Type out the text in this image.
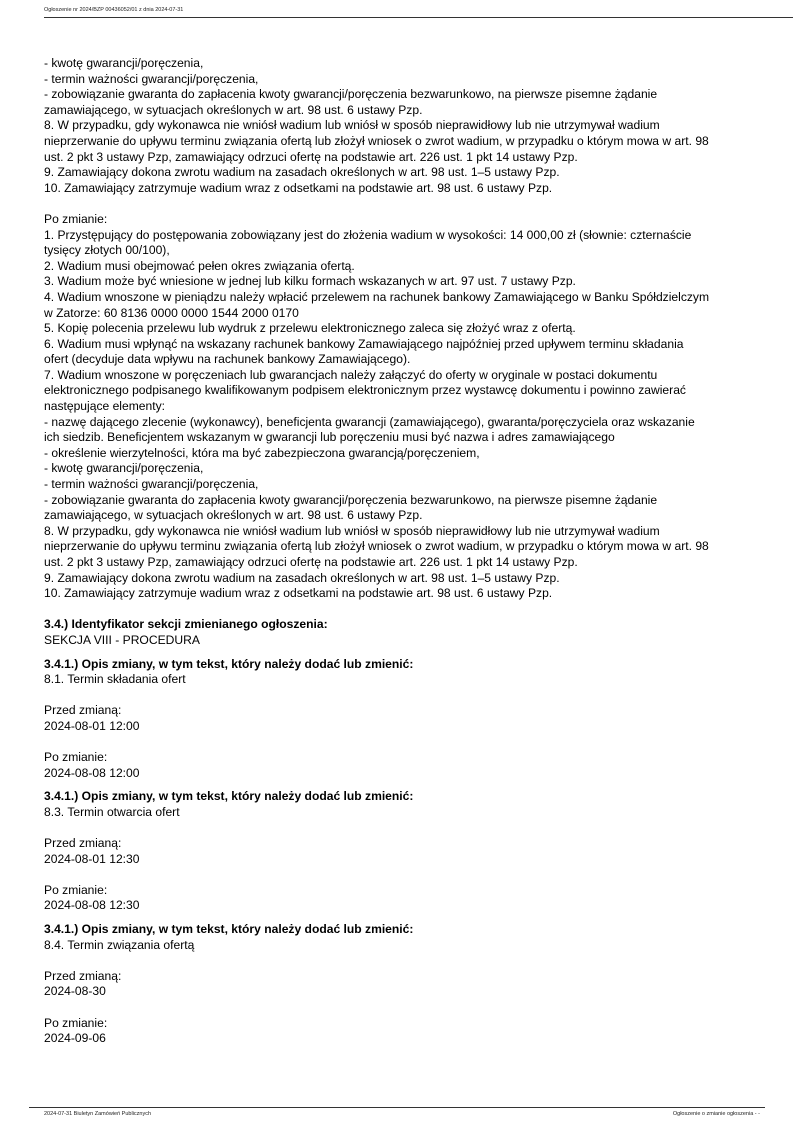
Ogłoszenie nr 2024/BZP 00436052/01 z dnia 2024-07-31
- kwotę gwarancji/poręczenia,
- termin ważności gwarancji/poręczenia,
- zobowiązanie gwaranta do zapłacenia kwoty gwarancji/poręczenia bezwarunkowo, na pierwsze pisemne żądanie
zamawiającego, w sytuacjach określonych w art. 98 ust. 6 ustawy Pzp.
8. W przypadku, gdy wykonawca nie wniósł wadium lub wniósł w sposób nieprawidłowy lub nie utrzymywał wadium
nieprzerwanie do upływu terminu związania ofertą lub złożył wniosek o zwrot wadium, w przypadku o którym mowa w art. 98
ust. 2 pkt 3 ustawy Pzp, zamawiający odrzuci ofertę na podstawie art. 226 ust. 1 pkt 14 ustawy Pzp.
9. Zamawiający dokona zwrotu wadium na zasadach określonych w art. 98 ust. 1–5 ustawy Pzp.
10. Zamawiający zatrzymuje wadium wraz z odsetkami na podstawie art. 98 ust. 6 ustawy Pzp.
Po zmianie:
1. Przystępujący do postępowania zobowiązany jest do złożenia wadium w wysokości: 14 000,00 zł (słownie: czternaście
tysięcy złotych 00/100),
2. Wadium musi obejmować pełen okres związania ofertą.
3. Wadium może być wniesione w jednej lub kilku formach wskazanych w art. 97 ust. 7 ustawy Pzp.
4. Wadium wnoszone w pieniądzu należy wpłacić przelewem na rachunek bankowy Zamawiającego w Banku Spółdzielczym
w Zatorze: 60 8136 0000 0000 1544 2000 0170
5. Kopię polecenia przelewu lub wydruk z przelewu elektronicznego zaleca się złożyć wraz z ofertą.
6. Wadium musi wpłynąć na wskazany rachunek bankowy Zamawiającego najpóźniej przed upływem terminu składania
ofert (decyduje data wpływu na rachunek bankowy Zamawiającego).
7. Wadium wnoszone w poręczeniach lub gwarancjach należy załączyć do oferty w oryginale w postaci dokumentu
elektronicznego podpisanego kwalifikowanym podpisem elektronicznym przez wystawcę dokumentu i powinno zawierać
następujące elementy:
- nazwę dającego zlecenie (wykonawcy), beneficjenta gwarancji (zamawiającego), gwaranta/poręczyciela oraz wskazanie
ich siedzib. Beneficjentem wskazanym w gwarancji lub poręczeniu musi być nazwa i adres zamawiającego
- określenie wierzytelności, która ma być zabezpieczona gwarancją/poręczeniem,
- kwotę gwarancji/poręczenia,
- termin ważności gwarancji/poręczenia,
- zobowiązanie gwaranta do zapłacenia kwoty gwarancji/poręczenia bezwarunkowo, na pierwsze pisemne żądanie
zamawiającego, w sytuacjach określonych w art. 98 ust. 6 ustawy Pzp.
8. W przypadku, gdy wykonawca nie wniósł wadium lub wniósł w sposób nieprawidłowy lub nie utrzymywał wadium
nieprzerwanie do upływu terminu związania ofertą lub złożył wniosek o zwrot wadium, w przypadku o którym mowa w art. 98
ust. 2 pkt 3 ustawy Pzp, zamawiający odrzuci ofertę na podstawie art. 226 ust. 1 pkt 14 ustawy Pzp.
9. Zamawiający dokona zwrotu wadium na zasadach określonych w art. 98 ust. 1–5 ustawy Pzp.
10. Zamawiający zatrzymuje wadium wraz z odsetkami na podstawie art. 98 ust. 6 ustawy Pzp.
3.4.) Identyfikator sekcji zmienianego ogłoszenia:
SEKCJA VIII - PROCEDURA
3.4.1.) Opis zmiany, w tym tekst, który należy dodać lub zmienić:
8.1. Termin składania ofert
Przed zmianą:
2024-08-01 12:00
Po zmianie:
2024-08-08 12:00
3.4.1.) Opis zmiany, w tym tekst, który należy dodać lub zmienić:
8.3. Termin otwarcia ofert
Przed zmianą:
2024-08-01 12:30
Po zmianie:
2024-08-08 12:30
3.4.1.) Opis zmiany, w tym tekst, który należy dodać lub zmienić:
8.4. Termin związania ofertą
Przed zmianą:
2024-08-30
Po zmianie:
2024-09-06
2024-07-31 Biuletyn Zamówień Publicznych	Ogłoszenie o zmianie ogłoszenia - -
